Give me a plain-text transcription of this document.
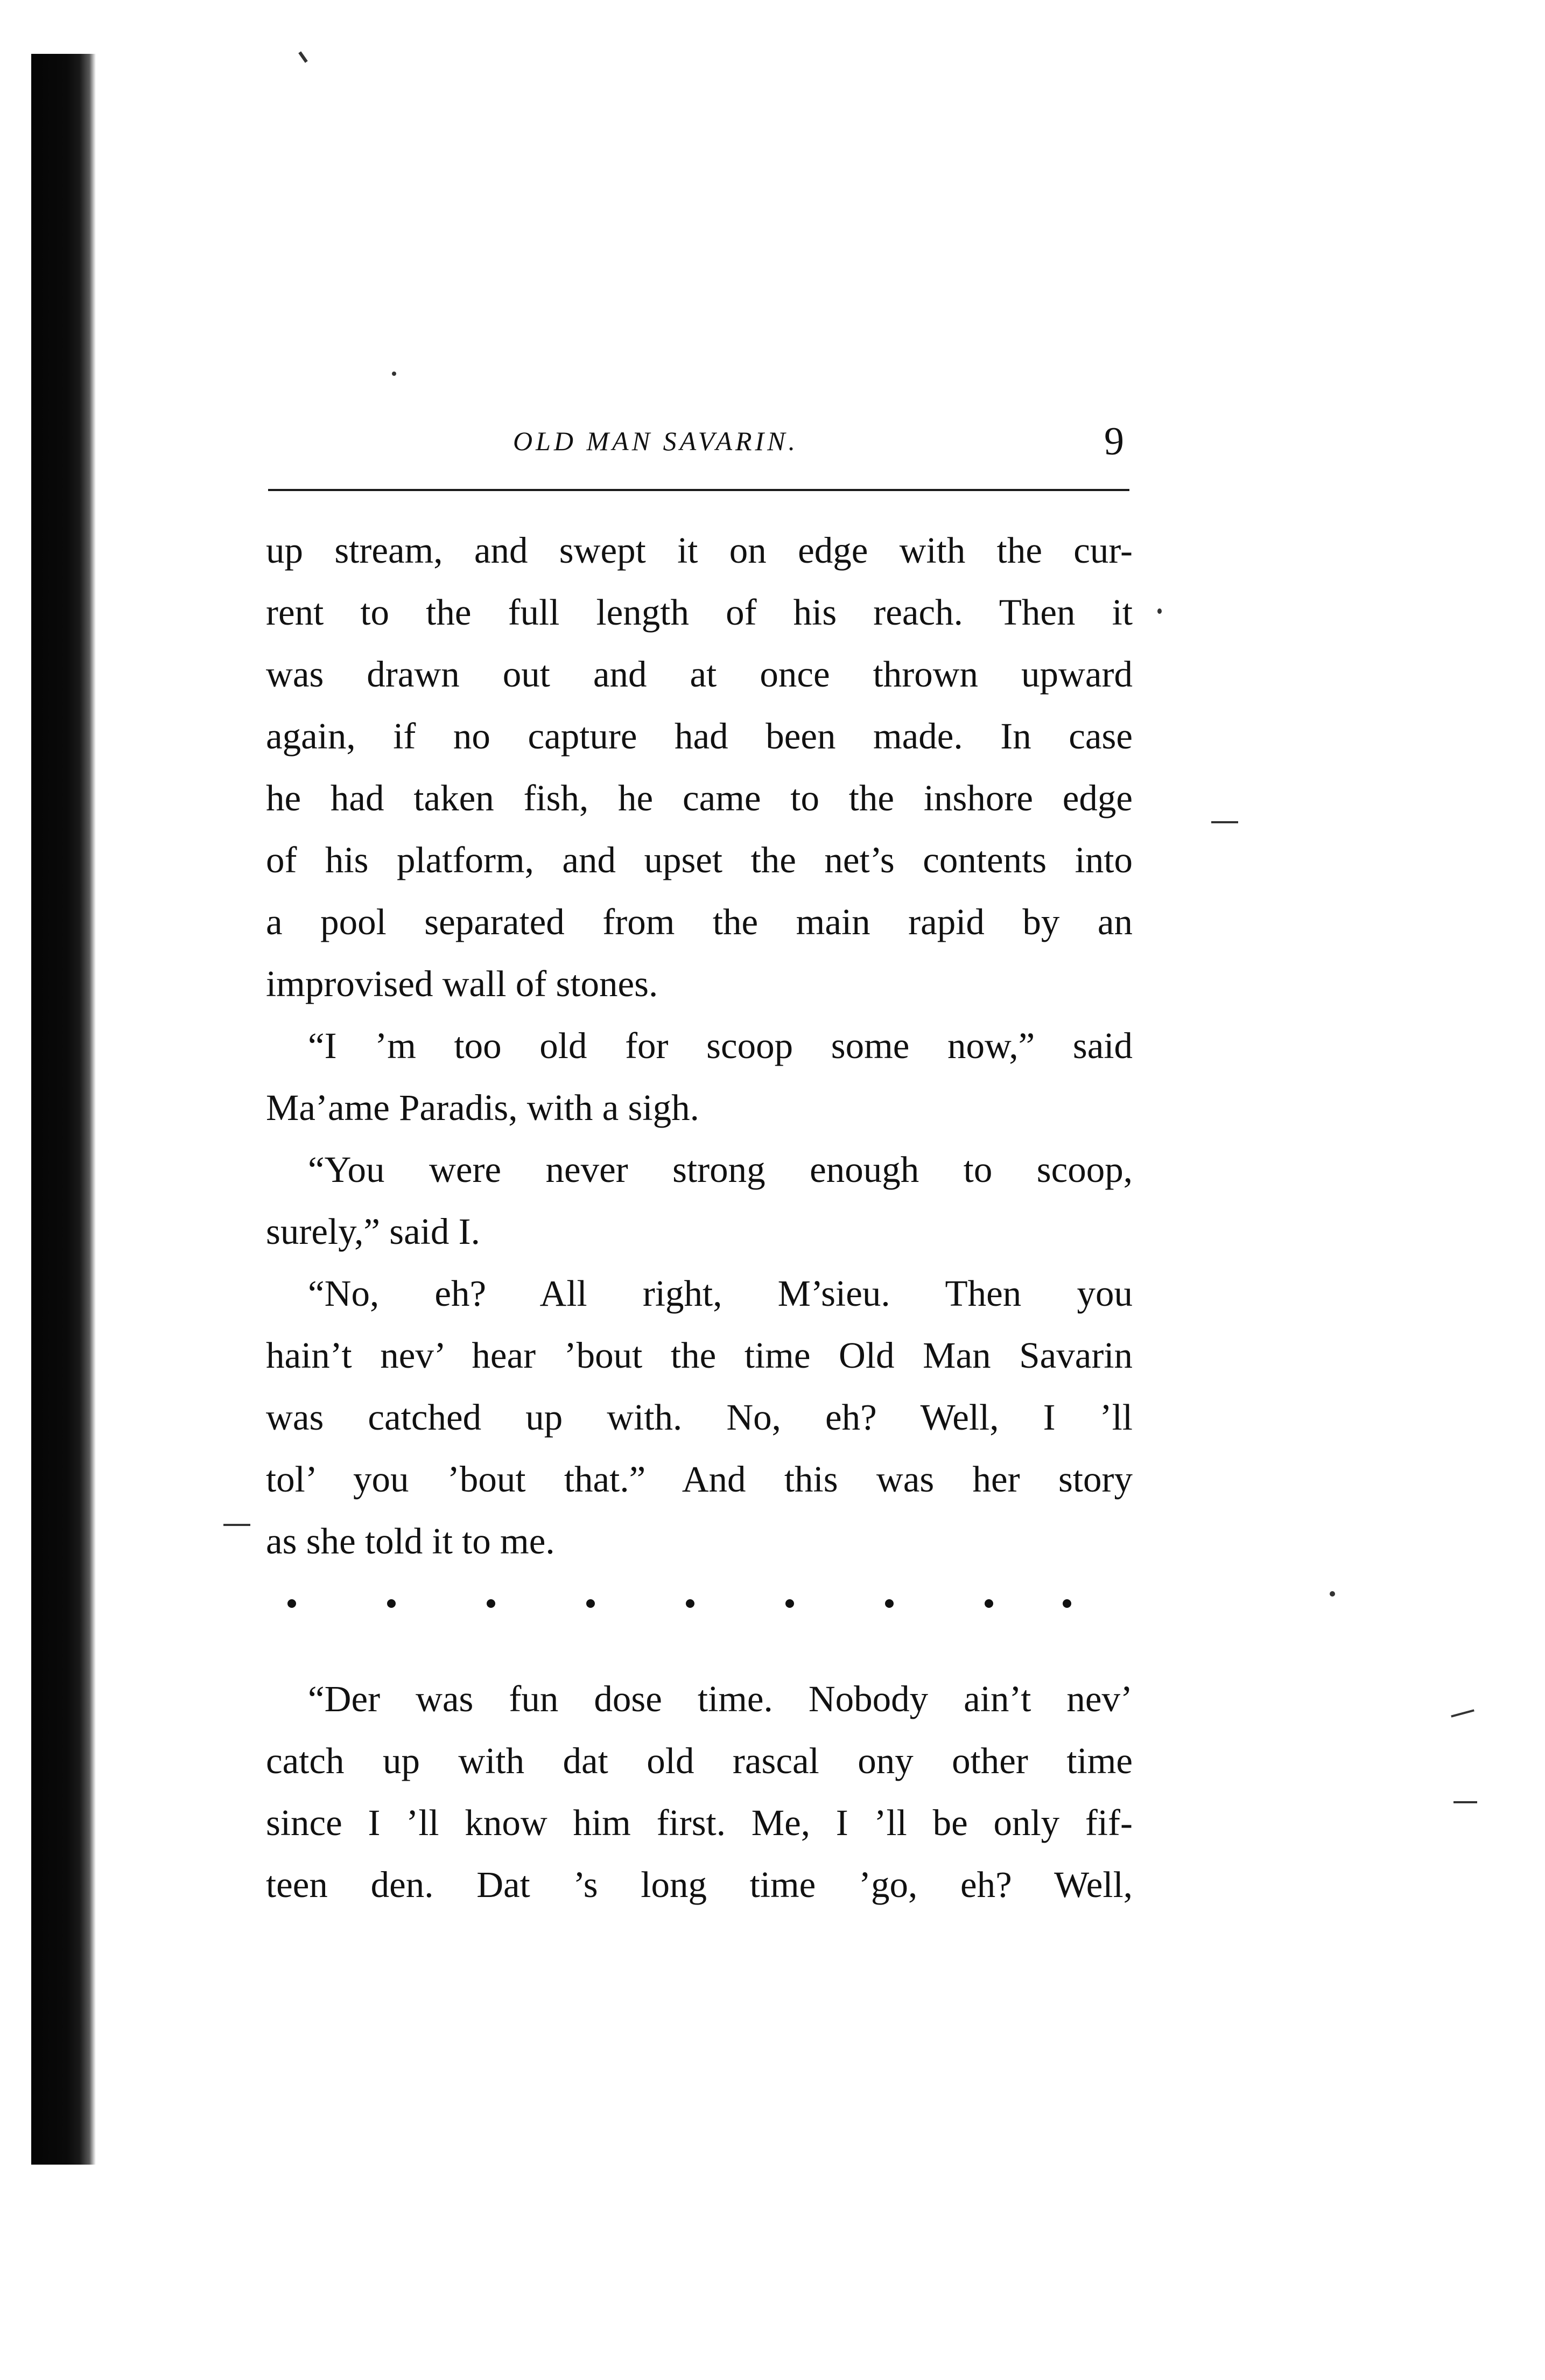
OLD MAN SAVARIN.	9
up stream, and swept it on edge with the cur-
rent to the full length of his reach. Then it
was drawn out and at once thrown upward
again, if no capture had been made. In case
he had taken fish, he came to the inshore edge
of his platform, and upset the net’s contents into
a pool separated from the main rapid by an
improvised wall of stones.
“I ’m too old for scoop some now,” said
Ma’ame Paradis, with a sigh.
“You were never strong enough to scoop,
surely,” said I.
“No, eh? All right, M’sieu. Then you
hain’t nev’ hear ’bout the time Old Man Savarin
was catched up with. No, eh? Well, I ’ll
tol’ you ’bout that.” And this was her story
as she told it to me.
“Der was fun dose time. Nobody ain’t nev’
catch up with dat old rascal ony other time
since I ’ll know him first. Me, I ’ll be only fif-
teen den. Dat ’s long time ’go, eh? Well,
